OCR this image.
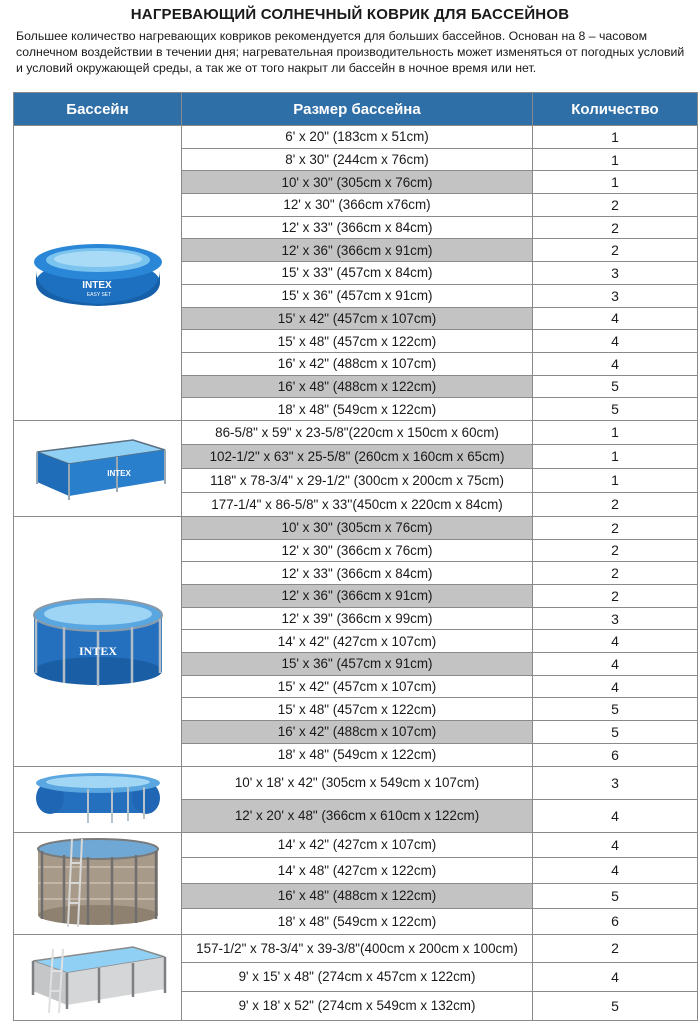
НАГРЕВАЮЩИЙ СОЛНЕЧНЫЙ КОВРИК ДЛЯ БАССЕЙНОВ
Большее количество нагревающих ковриков рекомендуется для больших бассейнов. Основан на 8 – часовом солнечном воздействии в течении дня; нагревательная производительность может изменяться от погодных условий и условий окружающей среды, а так же от того накрыт ли бассейн в ночное время или нет.
Бассейн	Размер бассейна	Количество

INTEX
EASY SET	6' x 20" (183cm x 51cm)	1
	8' x 30" (244cm x 76cm)	1
	10' x 30" (305cm x 76cm)	1
	12' x 30" (366cm x76cm)	2
	12' x 33" (366cm x 84cm)	2
	12' x 36" (366cm x 91cm)	2
	15' x 33" (457cm x 84cm)	3
	15' x 36" (457cm x 91cm)	3
	15' x 42" (457cm x 107cm)	4
	15' x 48" (457cm x 122cm)	4
	16' x 42" (488cm x 107cm)	4
	16' x 48" (488cm x 122cm)	5
	18' x 48" (549cm x 122cm)	5

INTEX	86-5/8" x 59" x 23-5/8"(220cm x 150cm x 60cm)	1
	102-1/2" x 63" x 25-5/8" (260cm x 160cm x 65cm)	1
	118" x 78-3/4" x 29-1/2" (300cm x 200cm x 75cm)	1
	177-1/4" x 86-5/8" x 33''(450cm x 220cm x 84cm)	2

INTEX	10' x 30" (305cm x 76cm)	2
	12' x 30" (366cm x 76cm)	2
	12' x 33" (366cm x 84cm)	2
	12' x 36" (366cm x 91cm)	2
	12' x 39" (366cm x 99cm)	3
	14' x 42" (427cm x 107cm)	4
	15' x 36" (457cm x 91cm)	4
	15' x 42" (457cm x 107cm)	4
	15' x 48" (457cm x 122cm)	5
	16' x 42" (488cm x 107cm)	5
	18' x 48" (549cm x 122cm)	6
	10' x 18' x 42" (305cm x 549cm x 107cm)	3
	12' x 20' x 48" (366cm x 610cm x 122cm)	4
	14' x 42" (427cm x 107cm)	4
	14' x 48" (427cm x 122cm)	4
	16' x 48" (488cm x 122cm)	5
	18' x 48" (549cm x 122cm)	6
	157-1/2" x 78-3/4" x 39-3/8"(400cm x 200cm x 100cm)	2
	9' x 15' x 48" (274cm x 457cm x 122cm)	4
	9' x 18' x 52" (274cm x 549cm x 132cm)	5
